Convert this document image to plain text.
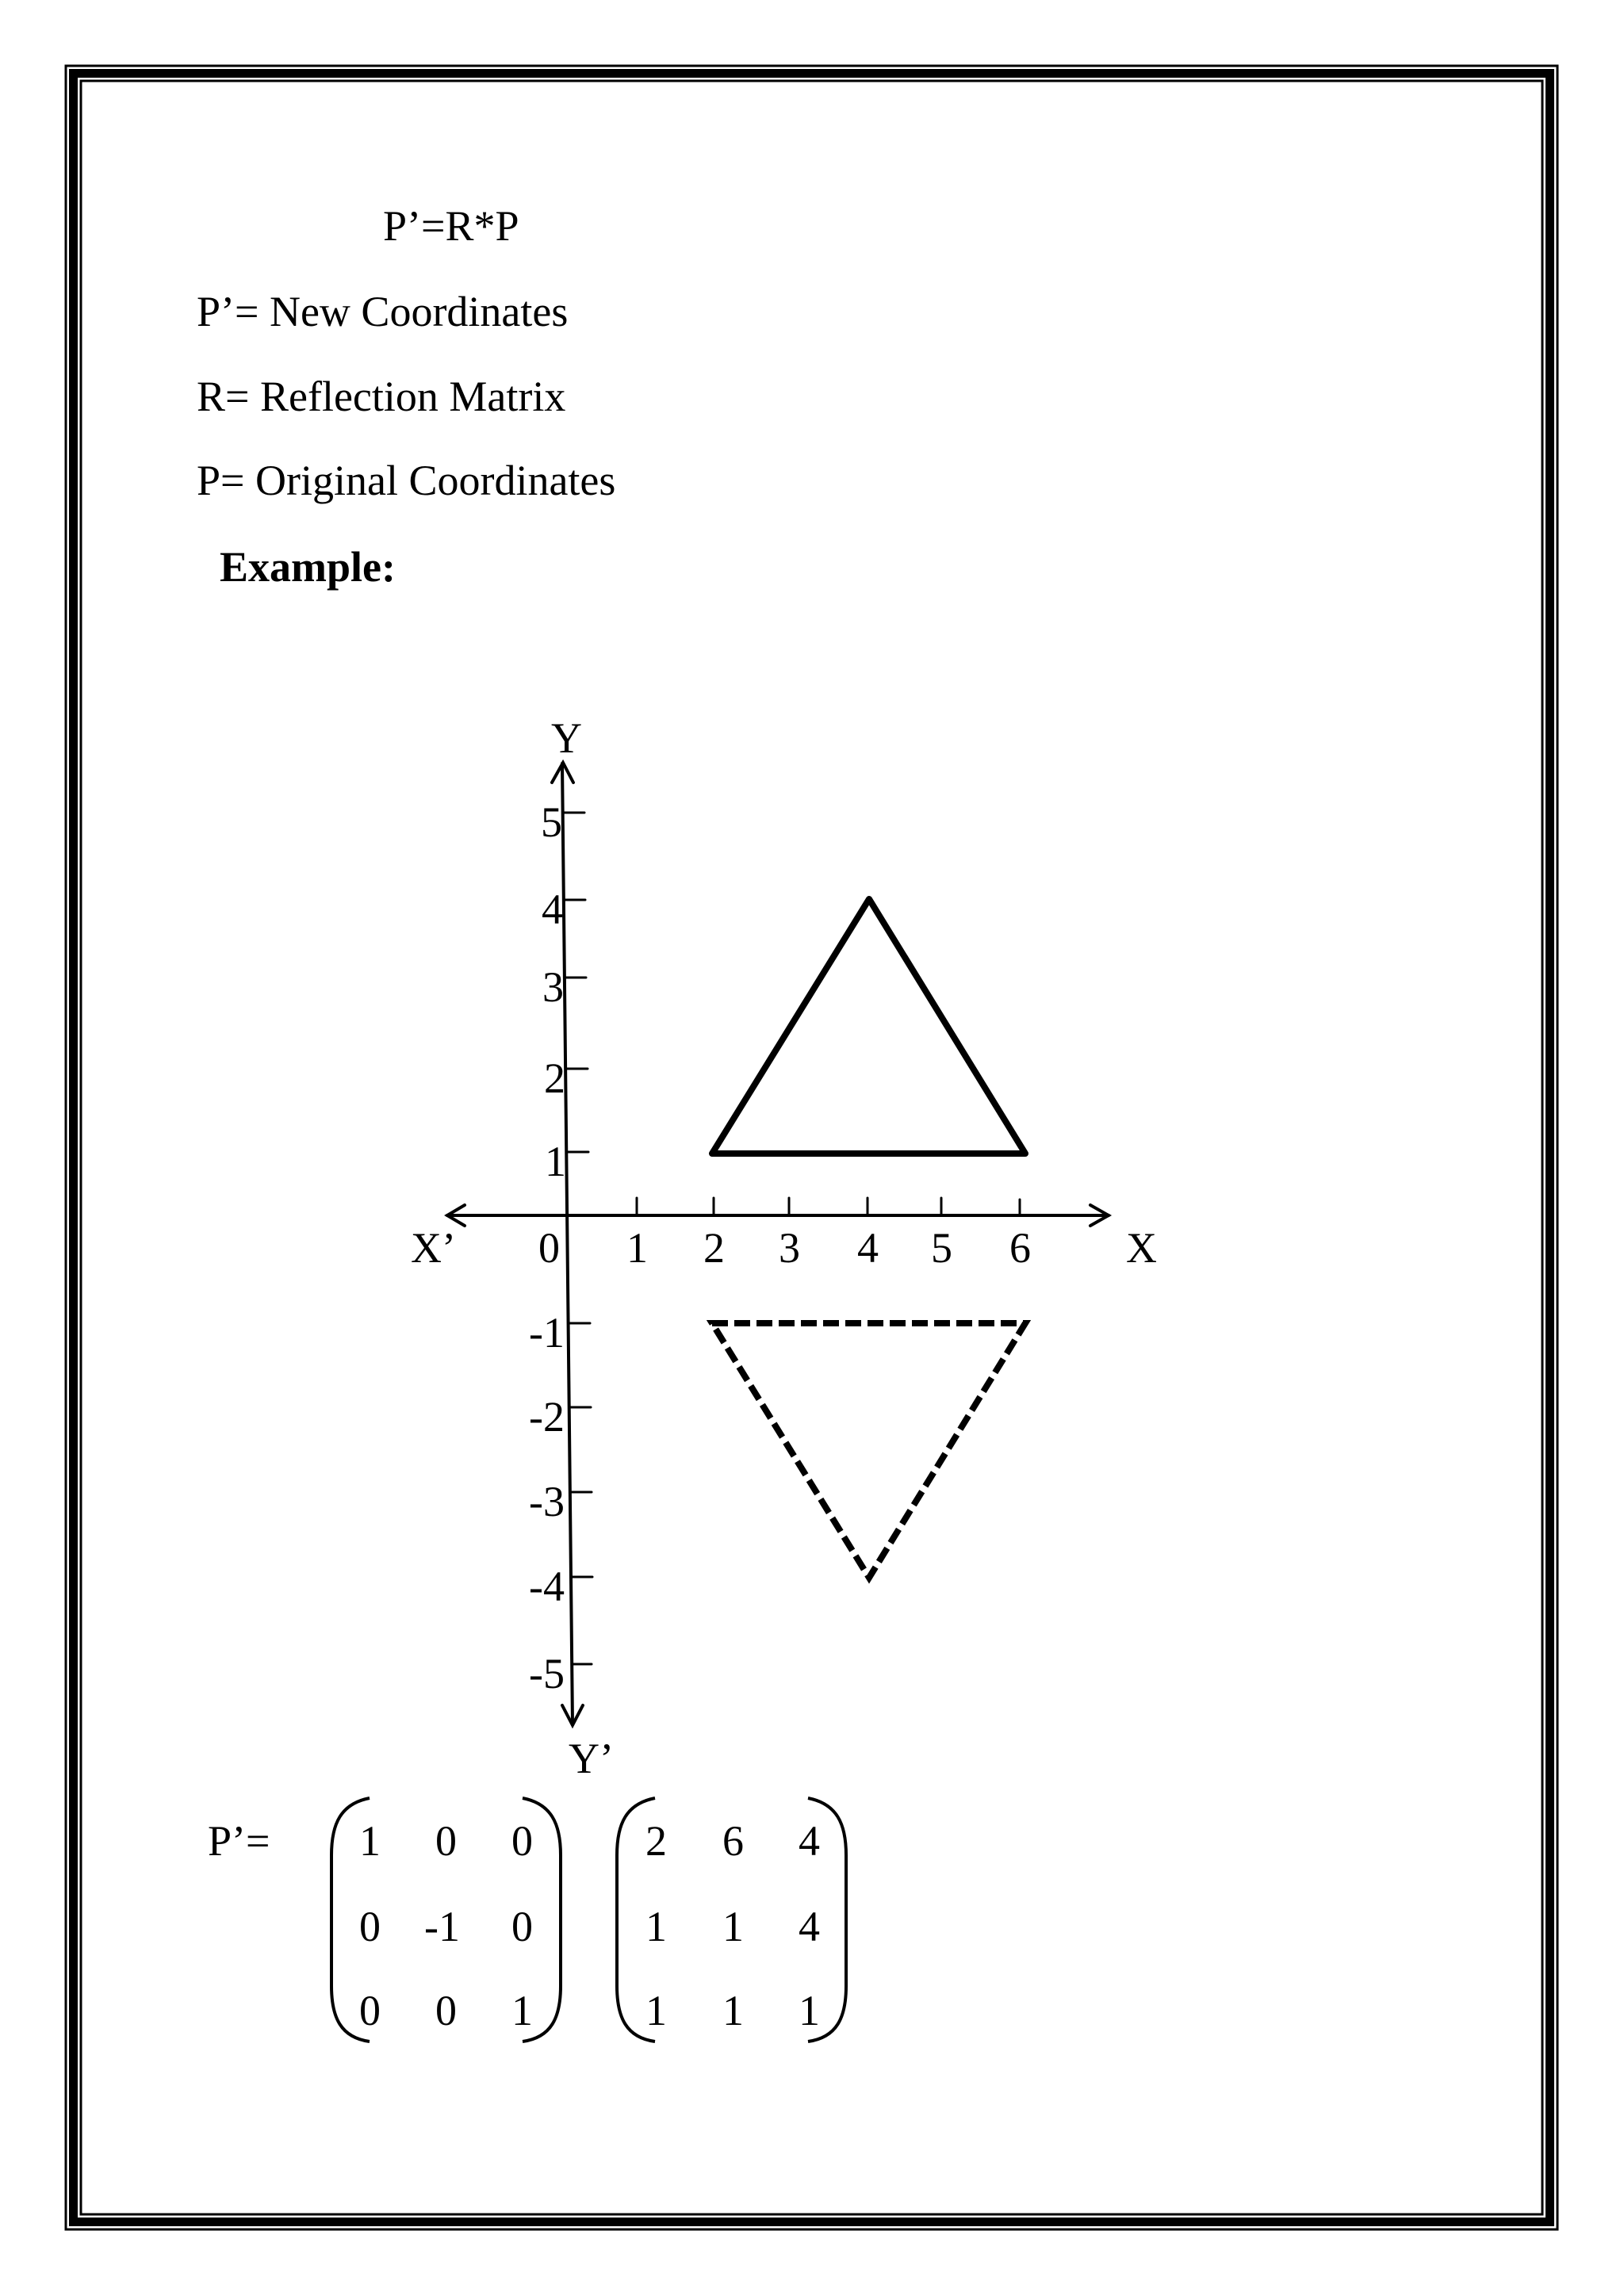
P’=R*P
P’= New Coordinates
R= Reflection Matrix
P= Original Coordinates
Example:
Y
Y’
X
X’ 0 1 2 3 4 5 6
5
4
3
2
1
-1
-2
-3
-4
-5
P’= 1 0 0
0 -1 0
0 0 1
2 6 4
1 1 4
1 1 1
